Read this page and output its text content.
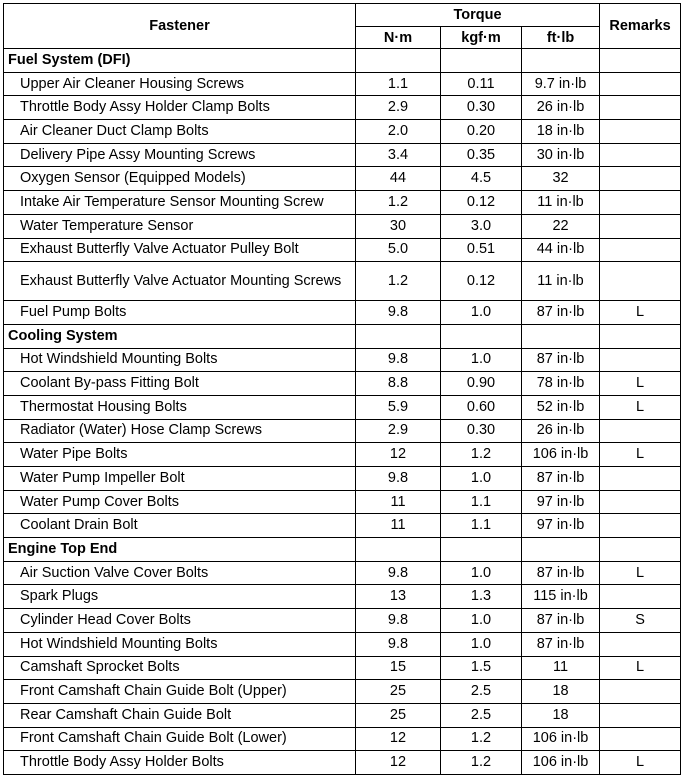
Fastener	Torque			Remarks
	N·m	kgf·m	ft·lb	
Fuel System (DFI)				
Upper Air Cleaner Housing Screws	1.1	0.11	9.7 in·lb	
Throttle Body Assy Holder Clamp Bolts	2.9	0.30	26 in·lb	
Air Cleaner Duct Clamp Bolts	2.0	0.20	18 in·lb	
Delivery Pipe Assy Mounting Screws	3.4	0.35	30 in·lb	
Oxygen Sensor (Equipped Models)	44	4.5	32	
Intake Air Temperature Sensor Mounting Screw	1.2	0.12	11 in·lb	
Water Temperature Sensor	30	3.0	22	
Exhaust Butterfly Valve Actuator Pulley Bolt	5.0	0.51	44 in·lb	
Exhaust Butterfly Valve Actuator Mounting Screws	1.2	0.12	11 in·lb	
Fuel Pump Bolts	9.8	1.0	87 in·lb	L
Cooling System				
Hot Windshield Mounting Bolts	9.8	1.0	87 in·lb	
Coolant By-pass Fitting Bolt	8.8	0.90	78 in·lb	L
Thermostat Housing Bolts	5.9	0.60	52 in·lb	L
Radiator (Water) Hose Clamp Screws	2.9	0.30	26 in·lb	
Water Pipe Bolts	12	1.2	106 in·lb	L
Water Pump Impeller Bolt	9.8	1.0	87 in·lb	
Water Pump Cover Bolts	11	1.1	97 in·lb	
Coolant Drain Bolt	11	1.1	97 in·lb	
Engine Top End				
Air Suction Valve Cover Bolts	9.8	1.0	87 in·lb	L
Spark Plugs	13	1.3	115 in·lb	
Cylinder Head Cover Bolts	9.8	1.0	87 in·lb	S
Hot Windshield Mounting Bolts	9.8	1.0	87 in·lb	
Camshaft Sprocket Bolts	15	1.5	11	L
Front Camshaft Chain Guide Bolt (Upper)	25	2.5	18	
Rear Camshaft Chain Guide Bolt	25	2.5	18	
Front Camshaft Chain Guide Bolt (Lower)	12	1.2	106 in·lb	
Throttle Body Assy Holder Bolts	12	1.2	106 in·lb	L
